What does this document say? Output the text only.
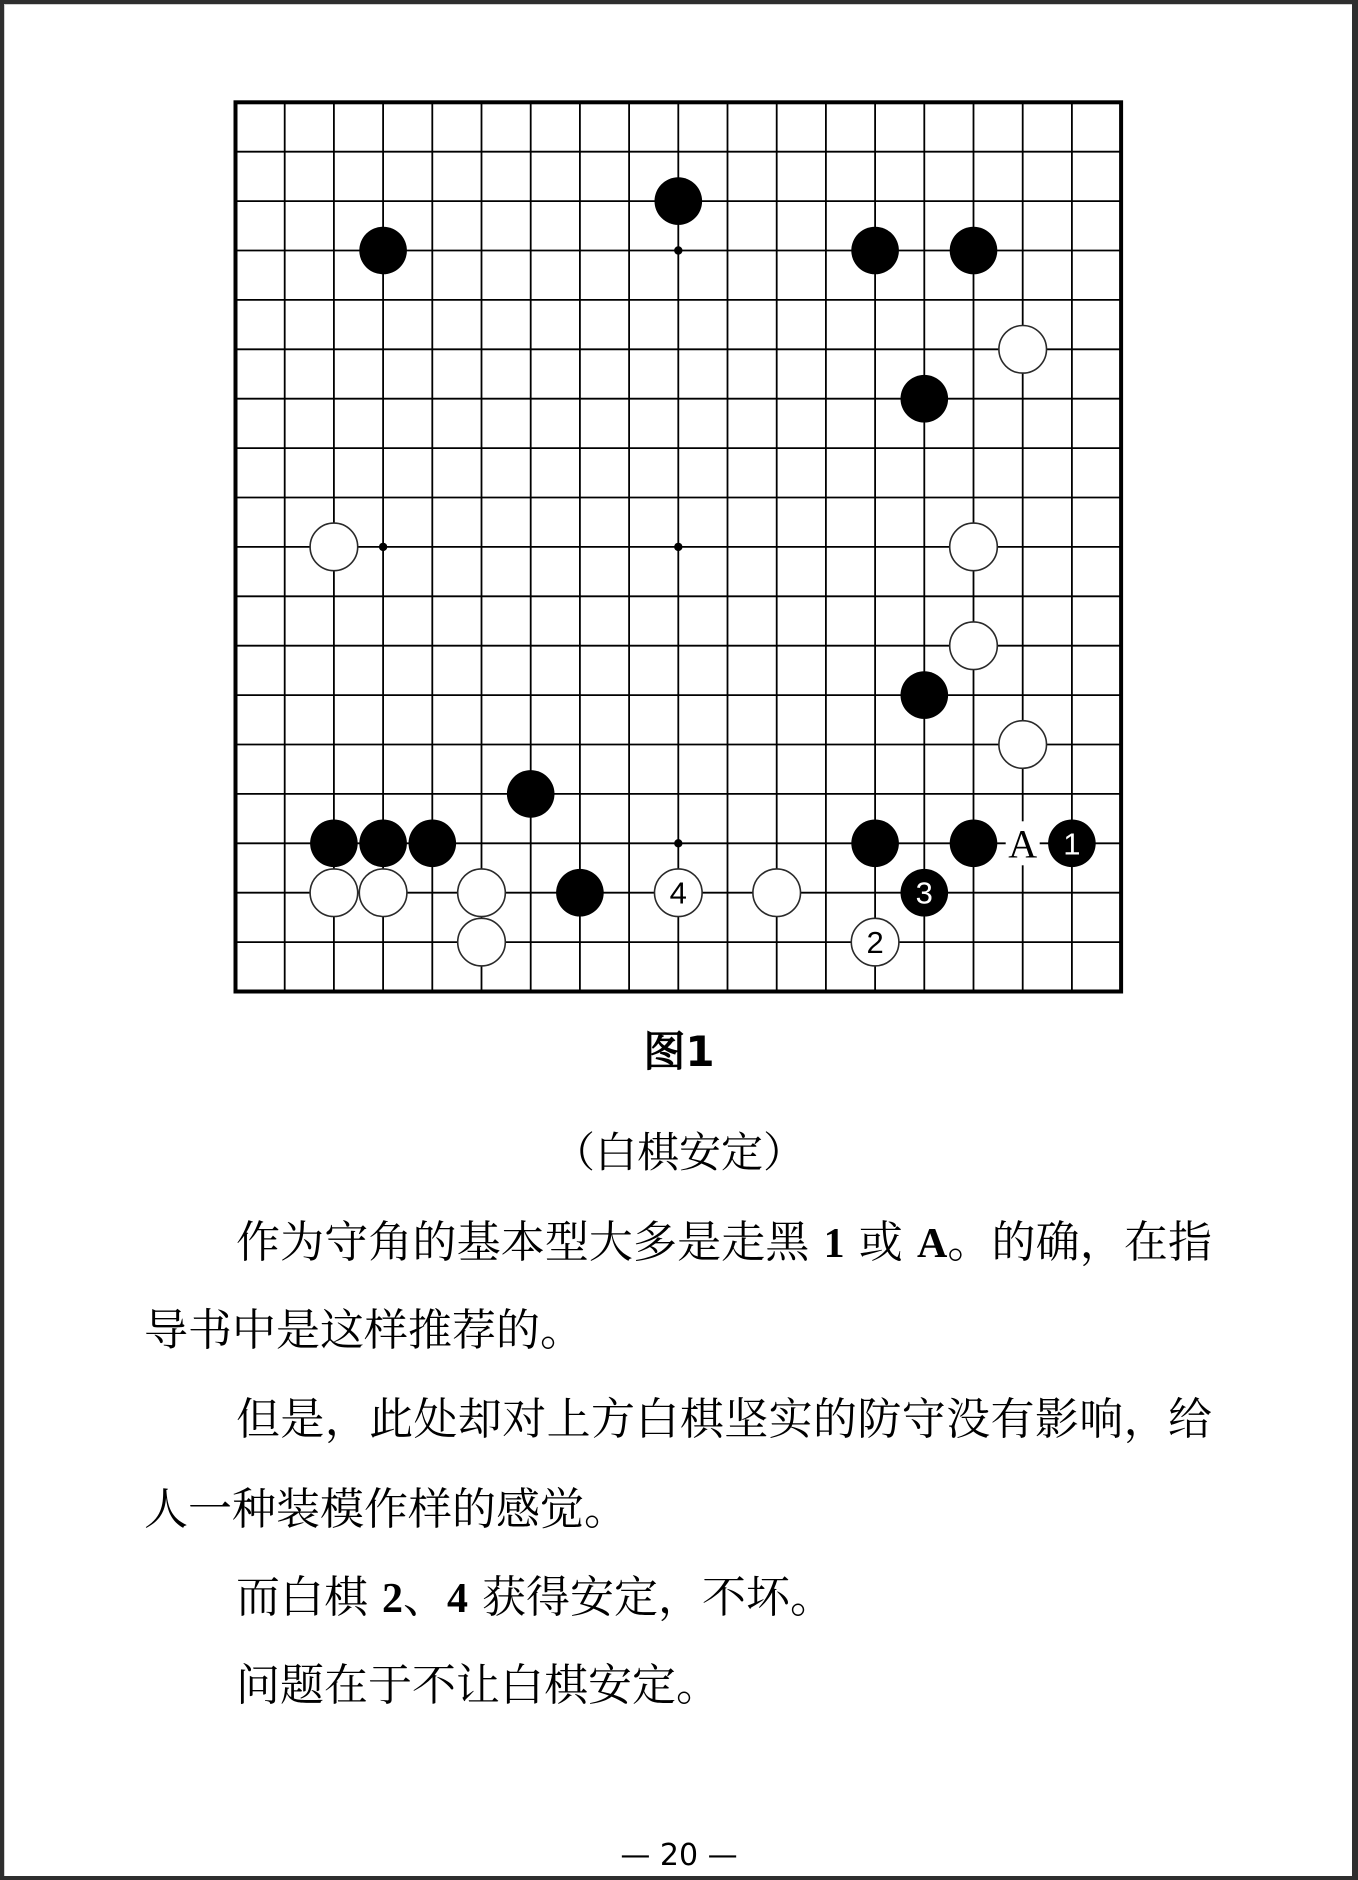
A 1
4	3
2
图1
（白棋安定）
作为守角的基本型大多是走黑 1 或 A。的确，在指
导书中是这样推荐的。
但是，此处却对上方白棋坚实的防守没有影响，给
人一种装模作样的感觉。
而白棋 2、4 获得安定，不坏。
问题在于不让白棋安定。
— 20 —
